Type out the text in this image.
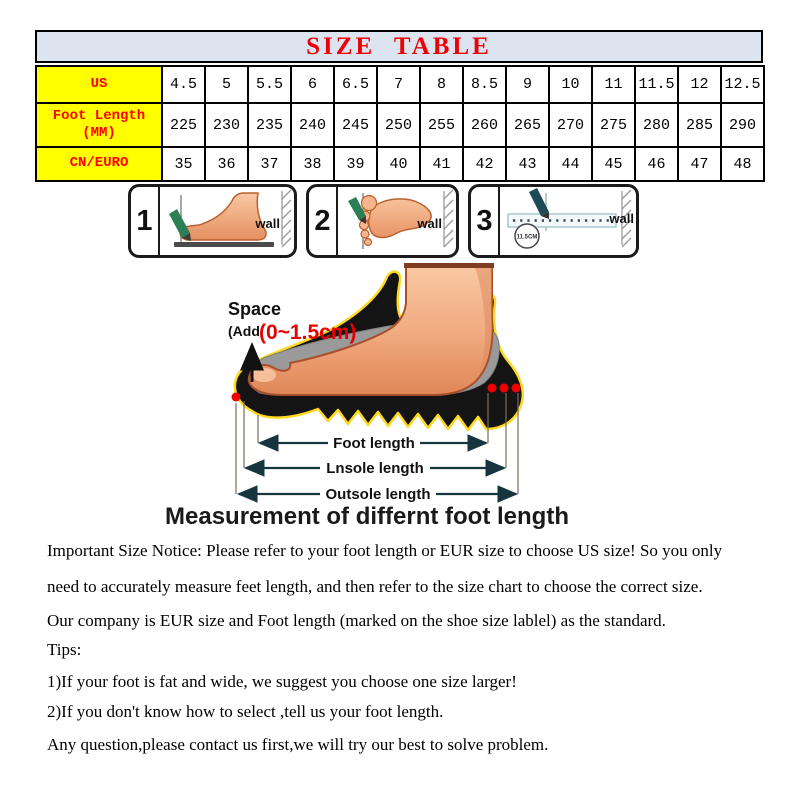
SIZE TABLE
US	4.5	5	5.5	6	6.5	7	8	8.5	9	10	11	11.5	12	12.5
Foot Length (MM)	225	230	235	240	245	250	255	260	265	270	275	280	285	290
CN/EURO	35	36	37	38	39	40	41	42	43	44	45	46	47	48
1	wall 2	wall 3
11.5CM
wall
Space
(Add (0~1.5cm)
Foot length
Lnsole length
Outsole length
Measurement of differnt foot length
Important Size Notice: Please refer to your foot length or EUR size to choose US size! So you only
need to accurately measure feet length, and then refer to the size chart to choose the correct size.
Our company is EUR size and Foot length (marked on the shoe size lablel) as the standard.
Tips:
1)If your foot is fat and wide, we suggest you choose one size larger!
2)If you don't know how to select ,tell us your foot length.
Any question,please contact us first,we will try our best to solve problem.
